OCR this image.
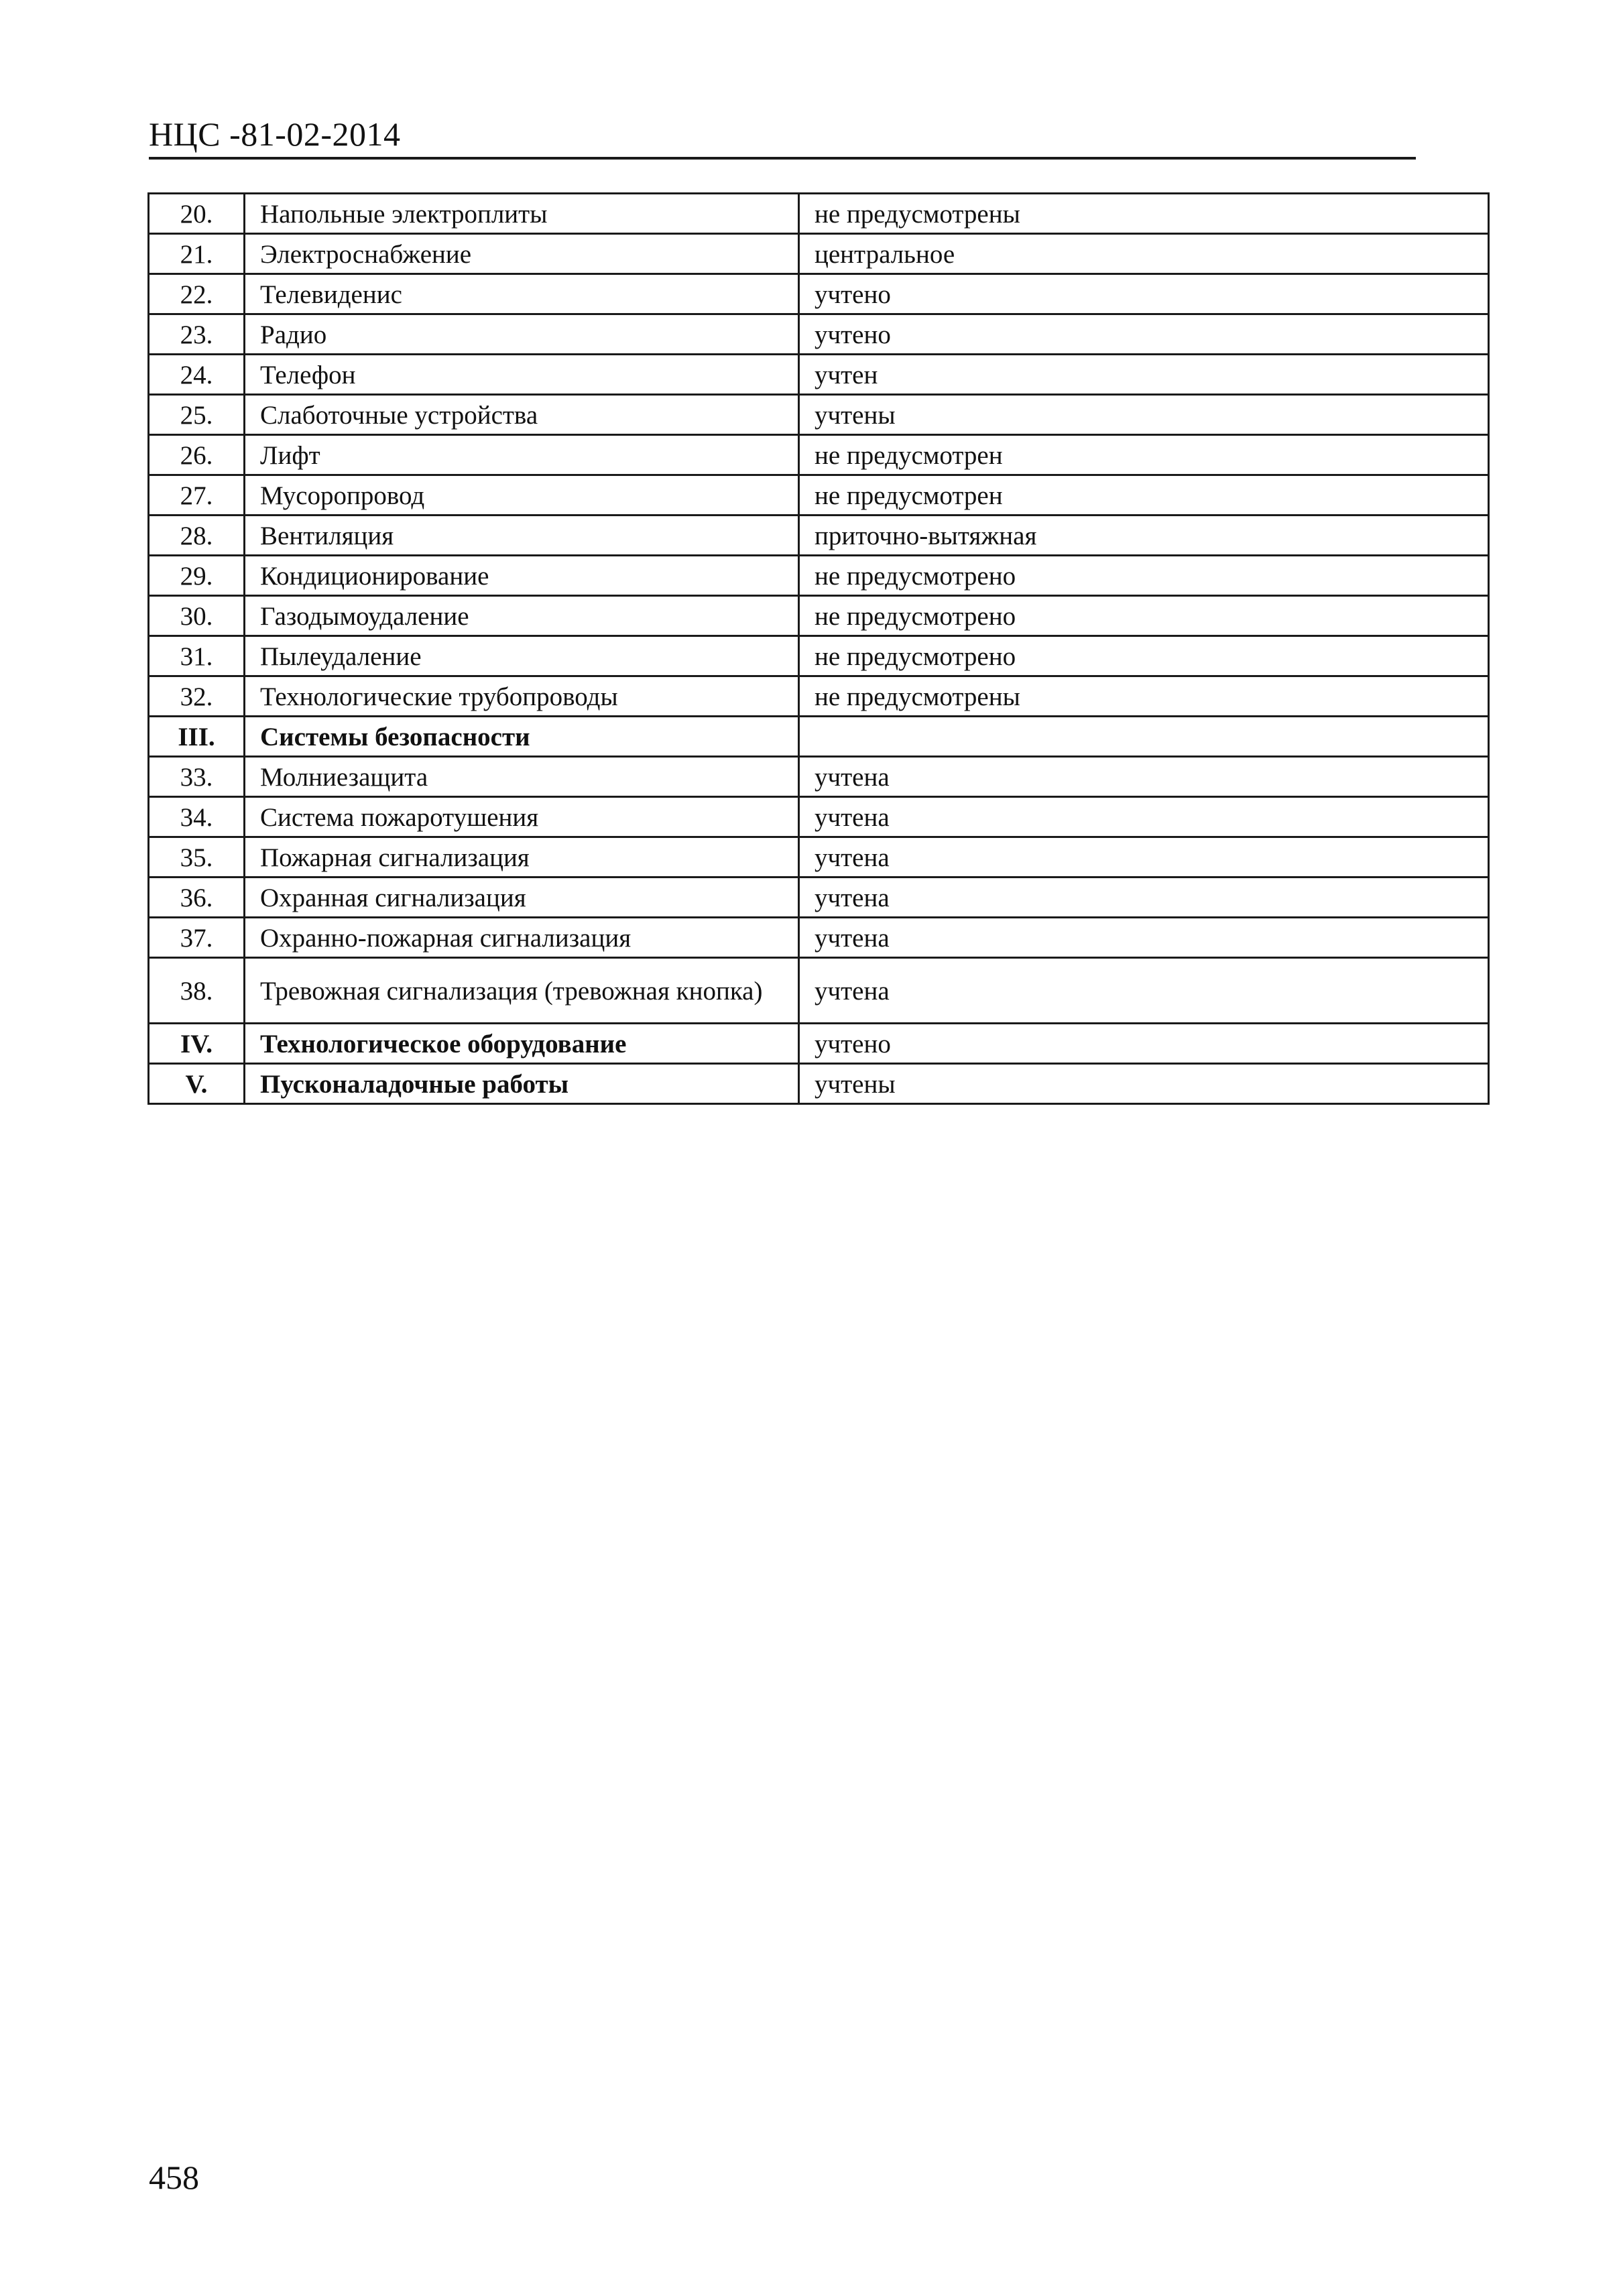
НЦС -81-02-2014
20.	Напольные электроплиты	не предусмотрены
21.	Электроснабжение	центральное
22.	Телевиденис	учтено
23.	Радио	учтено
24.	Телефон	учтен
25.	Слаботочные устройства	учтены
26.	Лифт	не предусмотрен
27.	Мусоропровод	не предусмотрен
28.	Вентиляция	приточно-вытяжная
29.	Кондиционирование	не предусмотрено
30.	Газодымоудаление	не предусмотрено
31.	Пылеудаление	не предусмотрено
32.	Технологические трубопроводы	не предусмотрены
III.	Системы безопасности	
33.	Молниезащита	учтена
34.	Система пожаротушения	учтена
35.	Пожарная сигнализация	учтена
36.	Охранная сигнализация	учтена
37.	Охранно-пожарная сигнализация	учтена
38.	Тревожная сигнализация (тревожная кнопка)	учтена
IV.	Технологическое оборудование	учтено
V.	Пусконаладочные работы	учтены
458
